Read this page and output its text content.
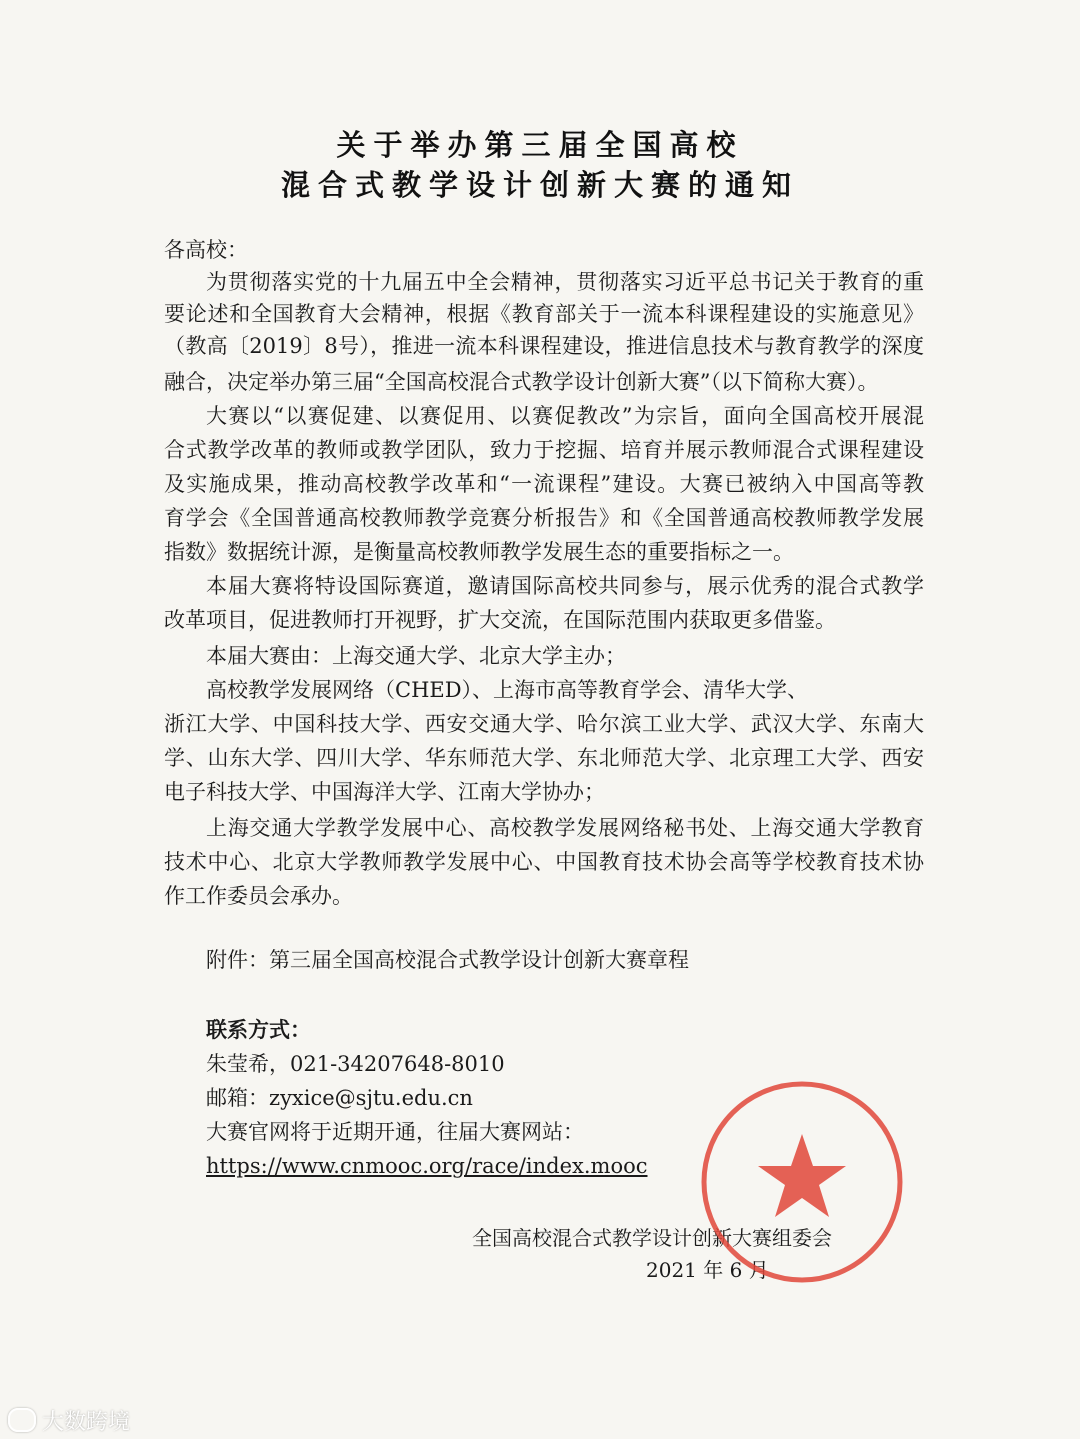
关于举办第三届全国高校
混合式教学设计创新大赛的通知
各高校：
为贯彻落实党的十九届五中全会精神，贯彻落实习近平总书记关于教育的重
要论述和全国教育大会精神，根据《教育部关于一流本科课程建设的实施意见》
（教高〔2019〕8号），推进一流本科课程建设，推进信息技术与教育教学的深度
融合，决定举办第三届“全国高校混合式教学设计创新大赛”（以下简称大赛）。
大赛以“以赛促建、以赛促用、以赛促教改”为宗旨，面向全国高校开展混
合式教学改革的教师或教学团队，致力于挖掘、培育并展示教师混合式课程建设
及实施成果，推动高校教学改革和“一流课程”建设。大赛已被纳入中国高等教
育学会《全国普通高校教师教学竞赛分析报告》和《全国普通高校教师教学发展
指数》数据统计源，是衡量高校教师教学发展生态的重要指标之一。
本届大赛将特设国际赛道，邀请国际高校共同参与，展示优秀的混合式教学
改革项目，促进教师打开视野，扩大交流，在国际范围内获取更多借鉴。
本届大赛由：上海交通大学、北京大学主办；
高校教学发展网络（CHED）、上海市高等教育学会、清华大学、
浙江大学、中国科技大学、西安交通大学、哈尔滨工业大学、武汉大学、东南大
学、山东大学、四川大学、华东师范大学、东北师范大学、北京理工大学、西安
电子科技大学、中国海洋大学、江南大学协办；
上海交通大学教学发展中心、高校教学发展网络秘书处、上海交通大学教育
技术中心、北京大学教师教学发展中心、中国教育技术协会高等学校教育技术协
作工作委员会承办。
附件：第三届全国高校混合式教学设计创新大赛章程
联系方式：
朱莹希，021-34207648-8010
邮箱：zyxice@sjtu.edu.cn
大赛官网将于近期开通，往届大赛网站：
https://www.cnmooc.org/race/index.mooc
全国高校混合式教学设计创新大赛组委会
2021 年 6 月
大数跨境
